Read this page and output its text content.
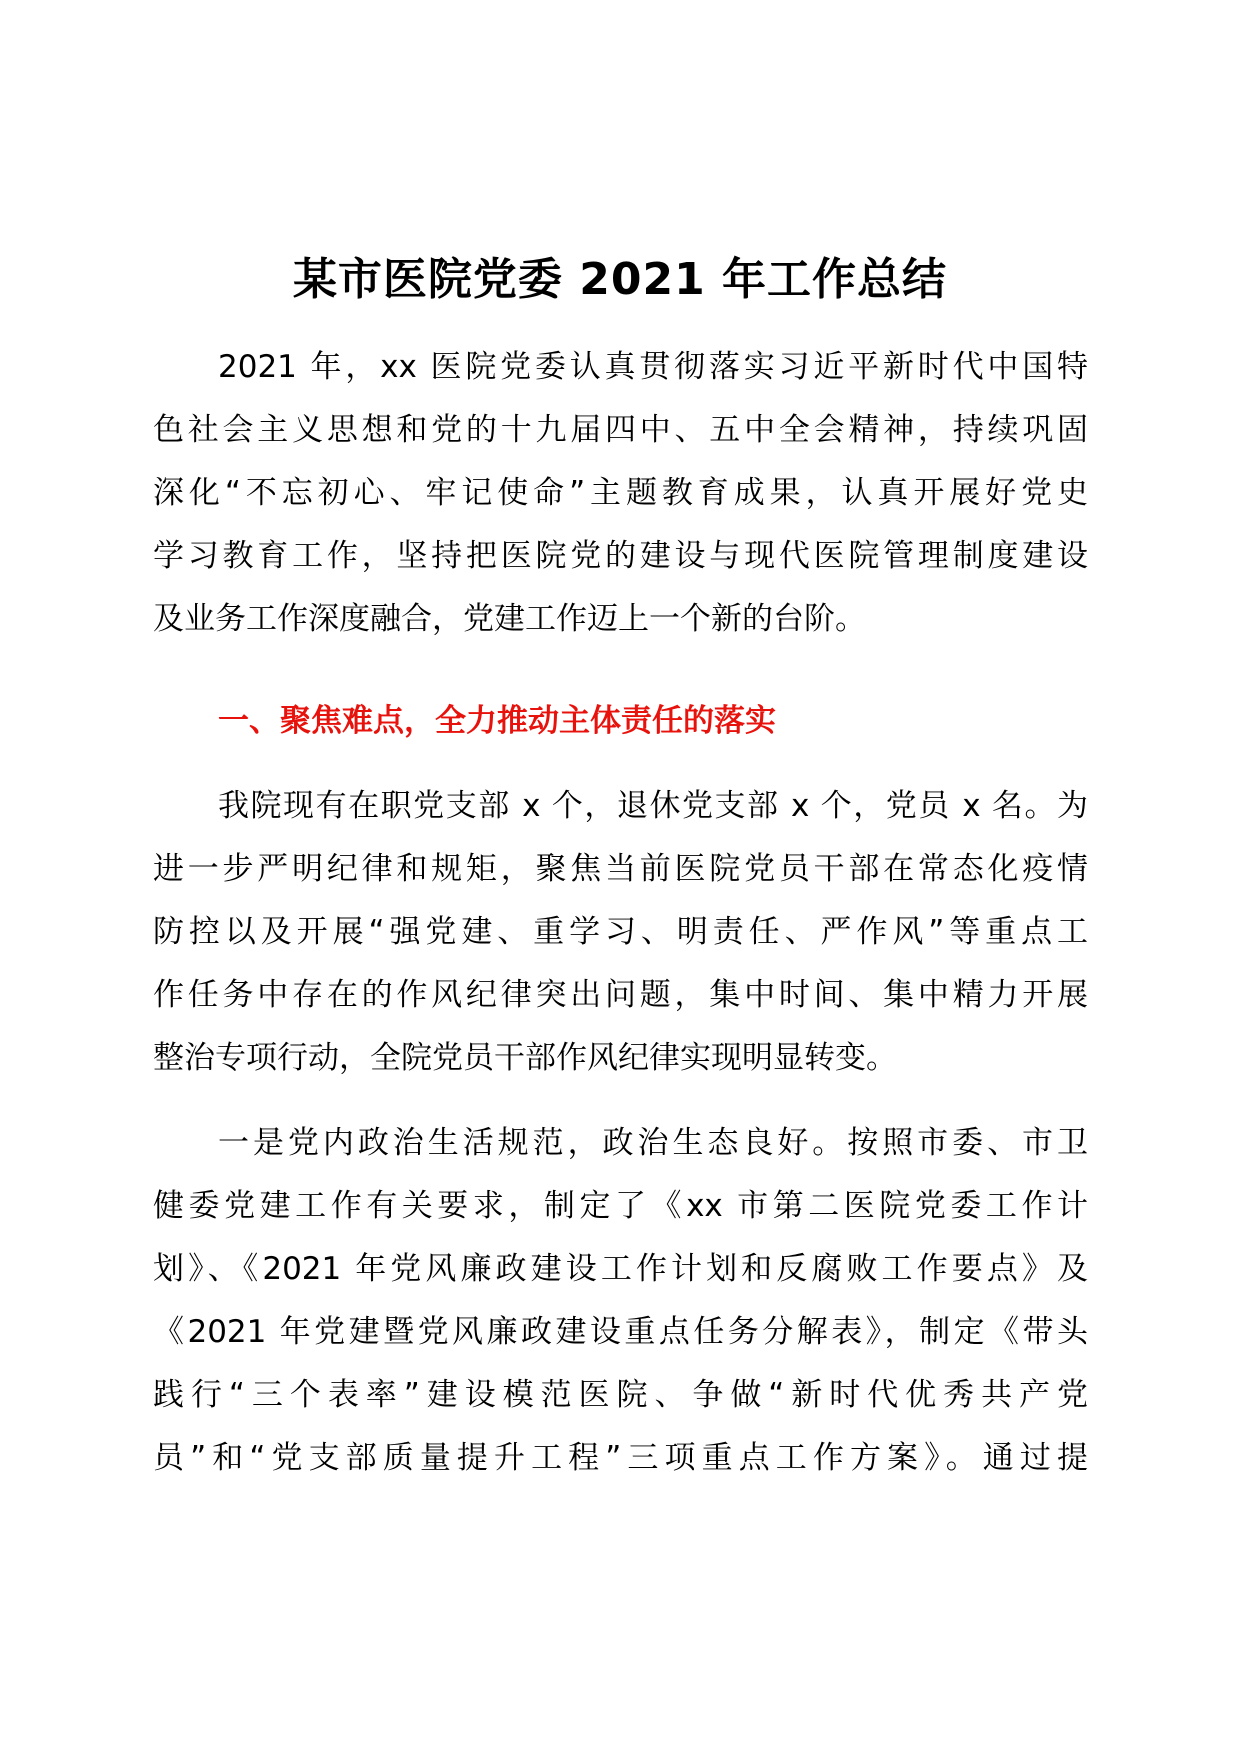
某市医院党委 2021 年工作总结

2021 年，xx 医院党委认真贯彻落实习近平新时代中国特

色社会主义思想和党的十九届四中、五中全会精神，持续巩固

深化“不忘初心、牢记使命”主题教育成果，认真开展好党史

学习教育工作，坚持把医院党的建设与现代医院管理制度建设

及业务工作深度融合，党建工作迈上一个新的台阶。

一、聚焦难点，全力推动主体责任的落实

我院现有在职党支部 x 个，退休党支部 x 个，党员 x 名。为

进一步严明纪律和规矩，聚焦当前医院党员干部在常态化疫情

防控以及开展“强党建、重学习、明责任、严作风”等重点工

作任务中存在的作风纪律突出问题，集中时间、集中精力开展

整治专项行动，全院党员干部作风纪律实现明显转变。

一是党内政治生活规范，政治生态良好。按照市委、市卫

健委党建工作有关要求，制定了《xx 市第二医院党委工作计

划》、《2021 年党风廉政建设工作计划和反腐败工作要点》及

《2021 年党建暨党风廉政建设重点任务分解表》，制定《带头

践行“三个表率”建设模范医院、争做“新时代优秀共产党

员”和“党支部质量提升工程”三项重点工作方案》。通过提
